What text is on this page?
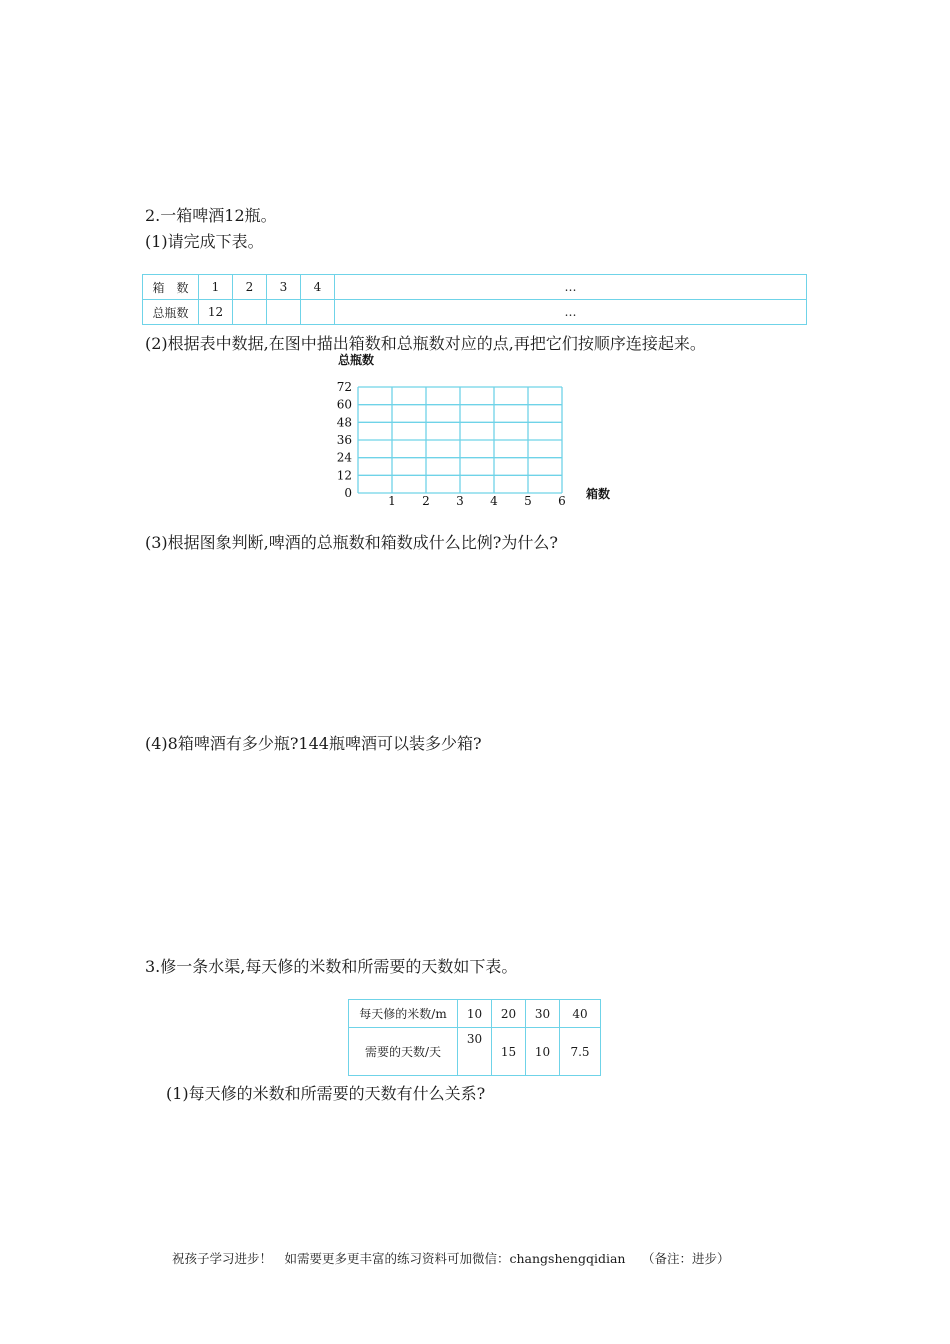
2.一箱啤酒12瓶。
(1)请完成下表。
箱　数	1	2	3	4	…
总瓶数	12				…
(2)根据表中数据,在图中描出箱数和总瓶数对应的点,再把它们按顺序连接起来。
总瓶数
箱数
1 2 3 4 5 6
0
12
24
36
48
60
72
(3)根据图象判断,啤酒的总瓶数和箱数成什么比例?为什么?
(4)8箱啤酒有多少瓶?144瓶啤酒可以装多少箱?
3.修一条水渠,每天修的米数和所需要的天数如下表。
每天修的米数/m	10	20	30	40
需要的天数/天	30	15	10	7.5
(1)每天修的米数和所需要的天数有什么关系?
祝孩子学习进步！　如需要更多更丰富的练习资料可加微信：changshengqidian　 （备注：进步）
